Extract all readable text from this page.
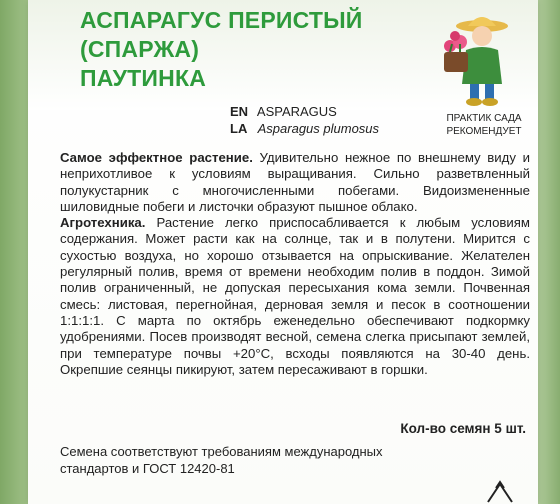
АСПАРАГУС ПЕРИСТЫЙ
(СПАРЖА)
ПАУТИНКА
EN ASPARAGUS
LA Asparagus plumosus
ПРАКТИК САДА
РЕКОМЕНДУЕТ

Самое эффектное растение. Удивительно нежное по внешнему виду и неприхотливое к условиям выращивания. Сильно разветвленный полукустарник с многочисленными побегами. Видоизмененные шиловидные побеги и листочки образуют пышное облако.

Агротехника. Растение легко приспосабливается к любым условиям содержания. Может расти как на солнце, так и в полутени. Мирится с сухостью воздуха, но хорошо отзывается на опрыскивание. Желателен регулярный полив, время от времени необходим полив в поддон. Зимой полив ограниченный, не допуская пересыхания кома земли. Почвенная смесь: листовая, перегнойная, дерновая земля и песок в соотношении 1:1:1:1. С марта по октябрь еженедельно обеспечивают подкормку удобрениями. Посев производят весной, семена слегка присыпают землей, при температуре почвы +20°С, всходы появляются на 30-40 день. Окрепшие сеянцы пикируют, затем пересаживают в горшки.

Кол-во семян 5 шт.
Семена соответствуют требованиям международных
стандартов и ГОСТ 12420-81
